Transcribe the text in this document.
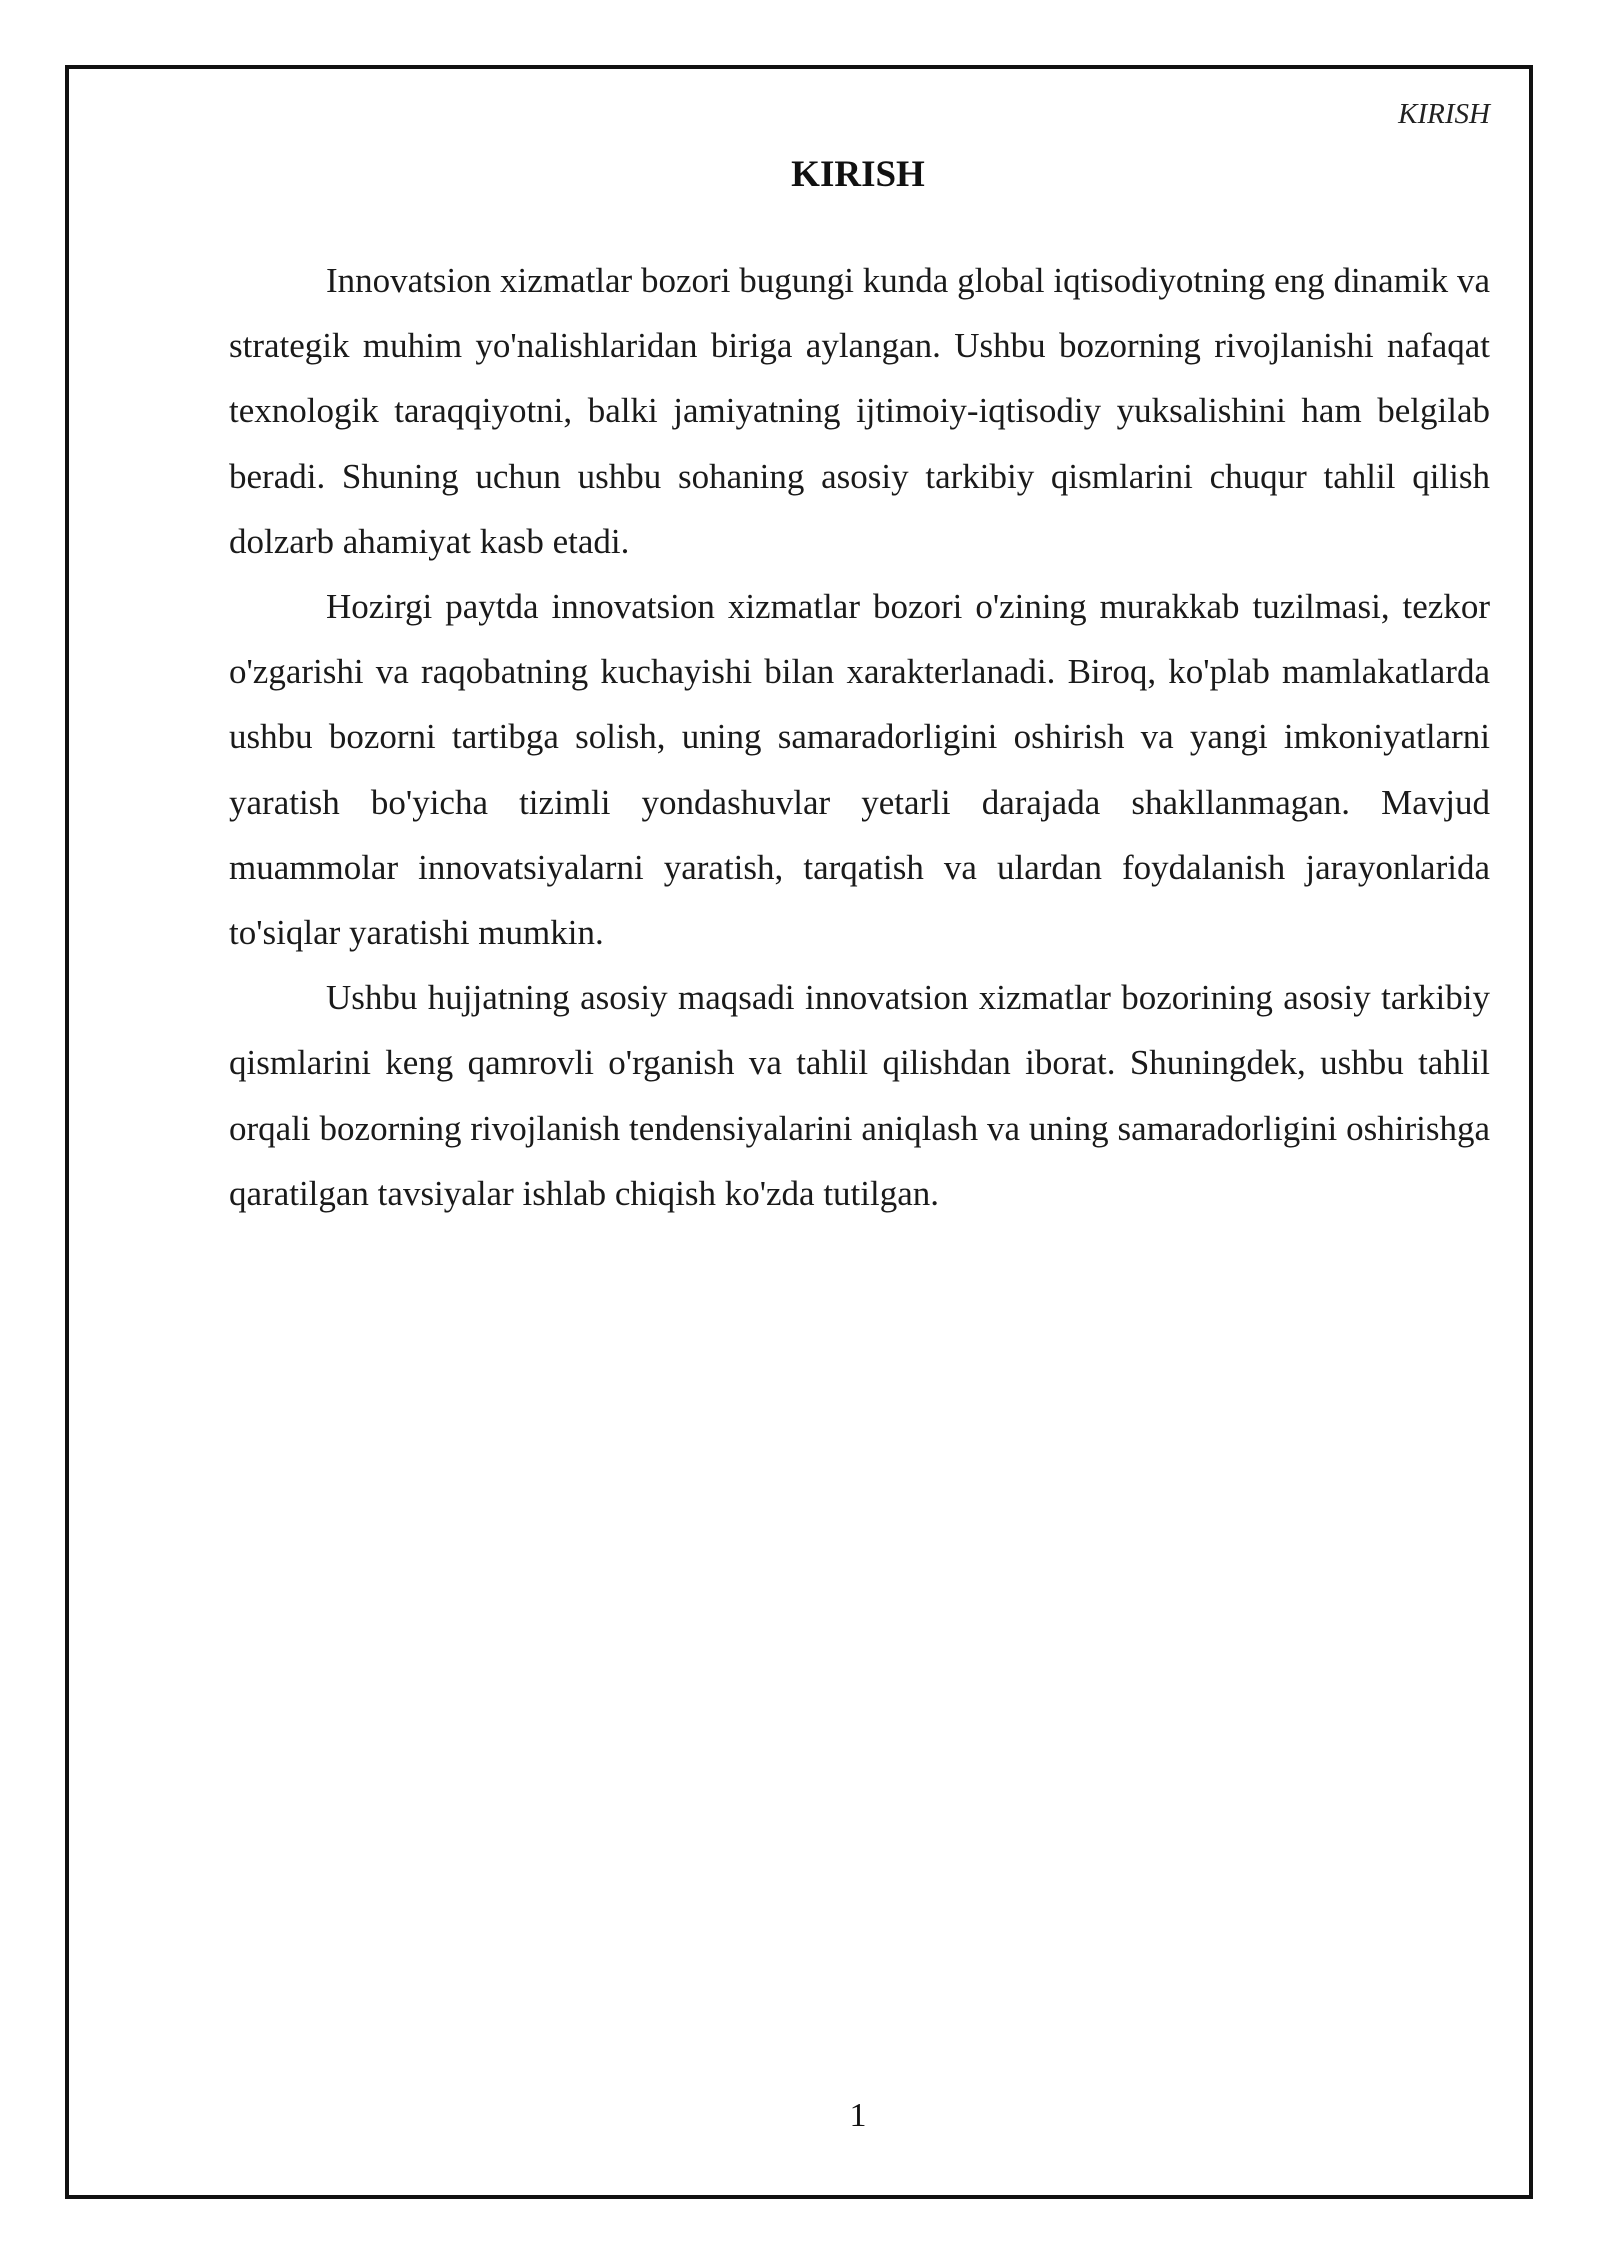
KIRISH
KIRISH

Innovatsion xizmatlar bozori bugungi kunda global iqtisodiyotning eng dinamik va strategik muhim yo'nalishlaridan biriga aylangan. Ushbu bozorning rivojlanishi nafaqat texnologik taraqqiyotni, balki jamiyatning ijtimoiy-iqtisodiy yuksalishini ham belgilab beradi. Shuning uchun ushbu sohaning asosiy tarkibiy qismlarini chuqur tahlil qilish dolzarb ahamiyat kasb etadi.

Hozirgi paytda innovatsion xizmatlar bozori o'zining murakkab tuzilmasi, tezkor o'zgarishi va raqobatning kuchayishi bilan xarakterlanadi. Biroq, ko'plab mamlakatlarda ushbu bozorni tartibga solish, uning samaradorligini oshirish va yangi imkoniyatlarni yaratish bo'yicha tizimli yondashuvlar yetarli darajada shakllanmagan. Mavjud muammolar innovatsiyalarni yaratish, tarqatish va ulardan foydalanish jarayonlarida to'siqlar yaratishi mumkin.

Ushbu hujjatning asosiy maqsadi innovatsion xizmatlar bozorining asosiy tarkibiy qismlarini keng qamrovli o'rganish va tahlil qilishdan iborat. Shuningdek, ushbu tahlil orqali bozorning rivojlanish tendensiyalarini aniqlash va uning samaradorligini oshirishga qaratilgan tavsiyalar ishlab chiqish ko'zda tutilgan.

1
